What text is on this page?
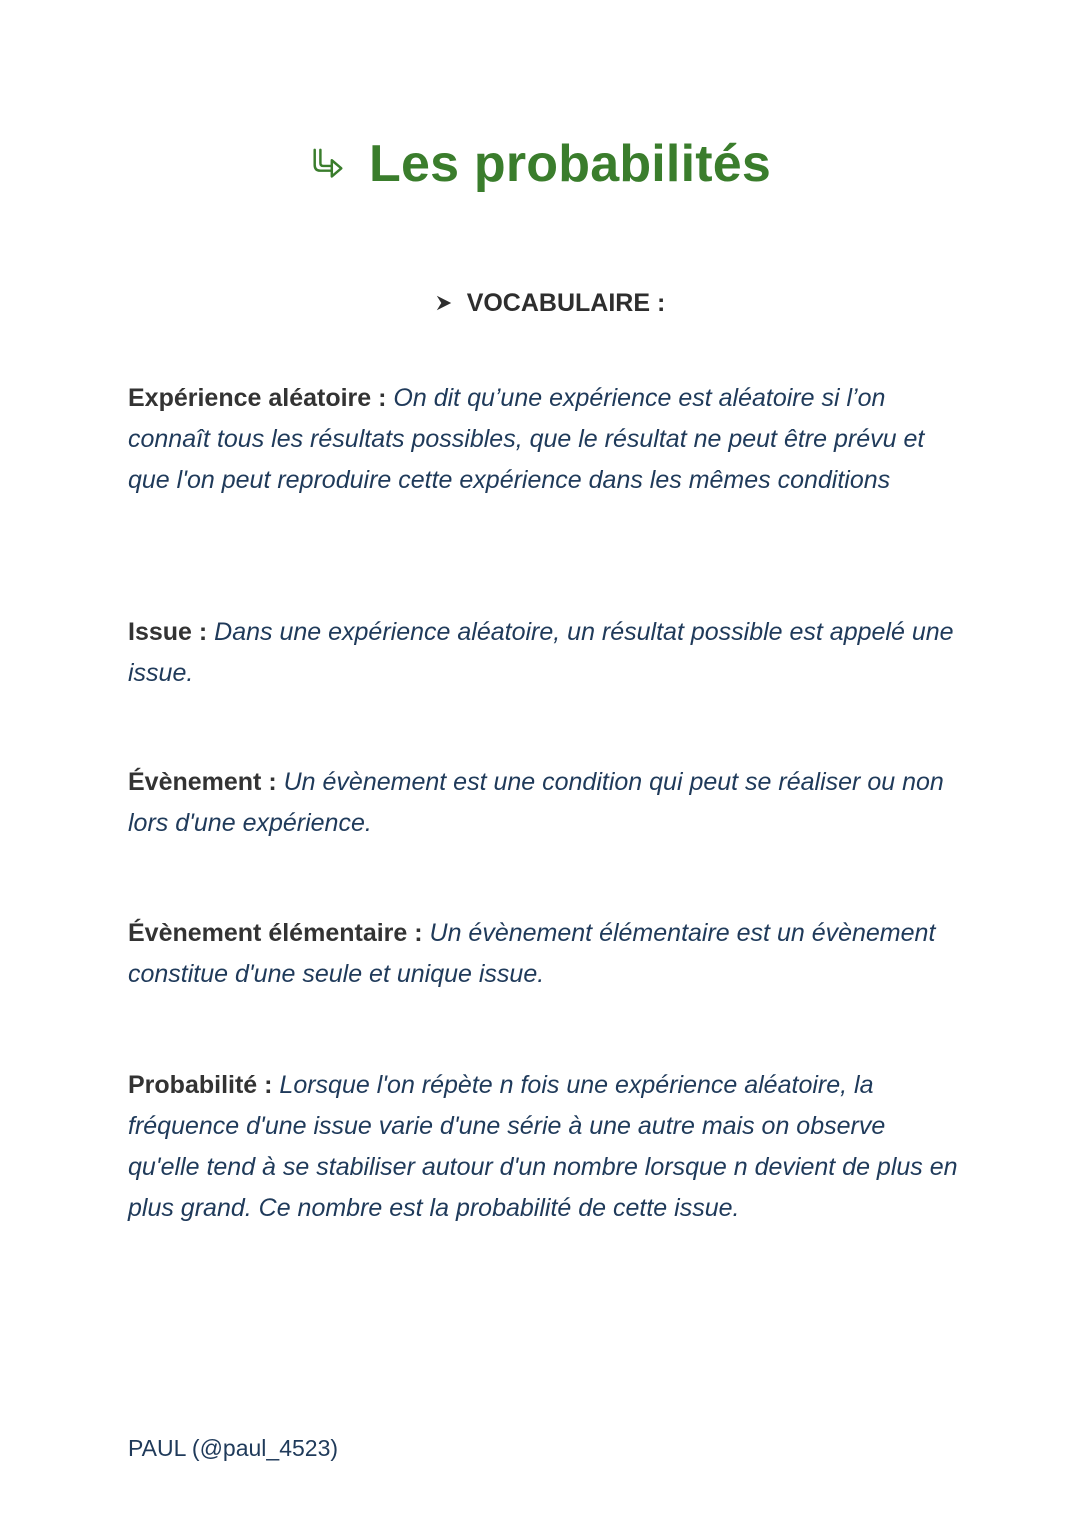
Les probabilités
VOCABULAIRE :

Expérience aléatoire : On dit qu’une expérience est aléatoire si l’on connaît tous les résultats possibles, que le résultat ne peut être prévu et que l'on peut reproduire cette expérience dans les mêmes conditions

Issue : Dans une expérience aléatoire, un résultat possible est appelé une issue.

Évènement : Un évènement est une condition qui peut se réaliser ou non lors d'une expérience.

Évènement élémentaire : Un évènement élémentaire est un évènement constitue d'une seule et unique issue.

Probabilité : Lorsque l'on répète n fois une expérience aléatoire, la fréquence d'une issue varie d'une série à une autre mais on observe qu'elle tend à se stabiliser autour d'un nombre lorsque n devient de plus en plus grand. Ce nombre est la probabilité de cette issue.

PAUL (@paul_4523)
